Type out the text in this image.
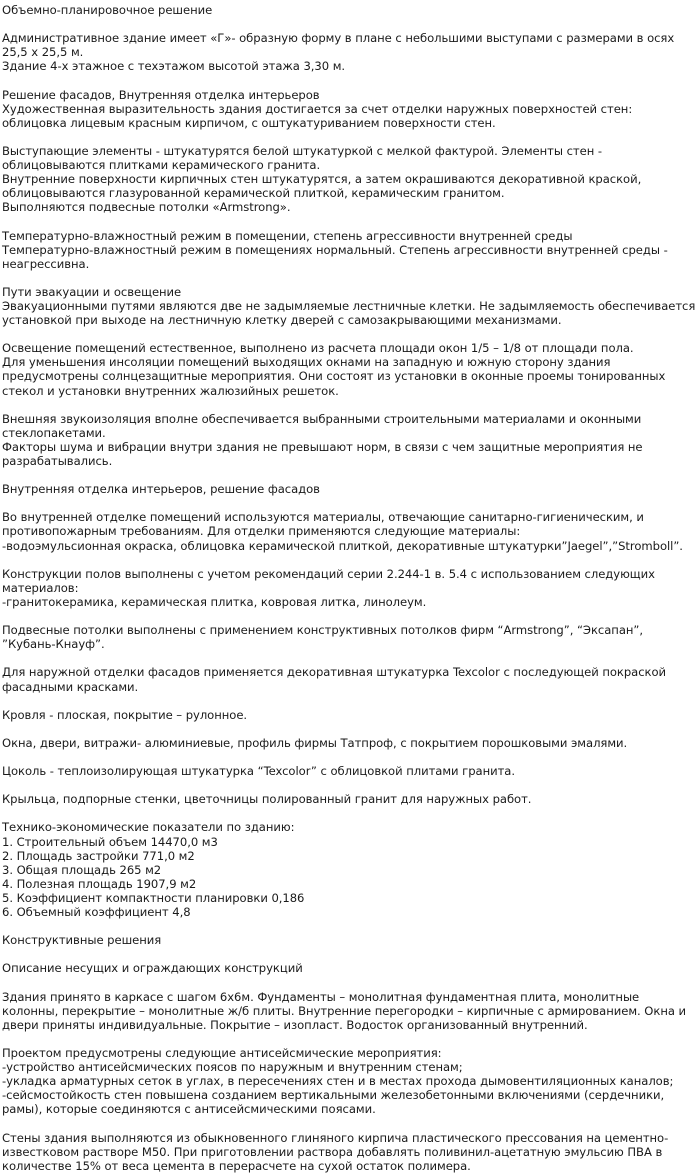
Объемно-планировочное решение
Административное здание имеет «Г»- образную форму в плане с небольшими выступами с размерами в осях 25,5 х 25,5 м.
Здание 4-х этажное с техэтажом высотой этажа 3,30 м.
Решение фасадов, Внутренняя отделка интерьеров
Художественная выразительность здания достигается за счет отделки наружных поверхностей стен: облицовка лицевым красным кирпичом, с оштукатуриванием поверхности стен.
Выступающие элементы - штукатурятся белой штукатуркой с мелкой фактурой. Элементы стен - облицовываются плитками керамического гранита.
Внутренние поверхности кирпичных стен штукатурятся, а затем окрашиваются декоративной краской, облицовываются глазурованной керамической плиткой, керамическим гранитом.
Выполняются подвесные потолки «Armstrong».
Температурно-влажностный режим в помещении, степень агрессивности внутренней среды
Температурно-влажностный режим в помещениях нормальный. Степень агрессивности внутренней среды - неагрессивна.
Пути эвакуации и освещение
Эвакуационными путями являются две не задымляемые лестничные клетки. Не задымляемость обеспечивается установкой при выходе на лестничную клетку дверей с самозакрывающими механизмами.
Освещение помещений естественное, выполнено из расчета площади окон 1/5 – 1/8 от площади пола.
Для уменьшения инсоляции помещений выходящих окнами на западную и южную сторону здания предусмотрены солнцезащитные мероприятия. Они состоят из установки в оконные проемы тонированных стекол и установки внутренних жалюзийных решеток.
Внешняя звукоизоляция вполне обеспечивается выбранными строительными материалами и оконными стеклопакетами.
Факторы шума и вибрации внутри здания не превышают норм, в связи с чем защитные мероприятия не разрабатывались.
Внутренняя отделка интерьеров, решение фасадов
Во внутренней отделке помещений используются материалы, отвечающие санитарно-гигиеническим, и противопожарным требованиям. Для отделки применяются следующие материалы:
-водоэмульсионная окраска, облицовка керамической плиткой, декоративные штукатурки”Jaegel”,”Stromboll”.
Конструкции полов выполнены с учетом рекомендаций серии 2.244-1 в. 5.4 с использованием следующих материалов:
-гранитокерамика, керамическая плитка, ковровая литка, линолеум.
Подвесные потолки выполнены с применением конструктивных потолков фирм “Armstrong”, “Эксапан”, ”Кубань-Кнауф”.
Для наружной отделки фасадов применяется декоративная штукатурка Texcolor с последующей покраской фасадными красками.
Кровля - плоская, покрытие – рулонное.
Окна, двери, витражи- алюминиевые, профиль фирмы Татпроф, с покрытием порошковыми эмалями.
Цоколь - теплоизолирующая штукатурка “Texcolor” с облицовкой плитами гранита.
Крыльца, подпорные стенки, цветочницы полированный гранит для наружных работ.
Технико-экономические показатели по зданию:
1. Строительный объем 14470,0 м3
2. Площадь застройки 771,0 м2
3. Общая площадь 265 м2
4. Полезная площадь 1907,9 м2
5. Коэффициент компактности планировки 0,186
6. Объемный коэффициент 4,8
Конструктивные решения
Описание несущих и ограждающих конструкций
Здания принято в каркасе с шагом 6х6м. Фундаменты – монолитная фундаментная плита, монолитные колонны, перекрытие – монолитные ж/б плиты. Внутренние перегородки – кирпичные с армированием. Окна и двери приняты индивидуальные. Покрытие – изопласт. Водосток организованный внутренний.
Проектом предусмотрены следующие антисейсмические мероприятия:
-устройство антисейсмических поясов по наружным и внутренним стенам;
-укладка арматурных сеток в углах, в пересечениях стен и в местах прохода дымовентиляционных каналов;
-сейсмостойкость стен повышена созданием вертикальными железобетонными включениями (сердечники, рамы), которые соединяются с антисейсмическими поясами.
Стены здания выполняются из обыкновенного глиняного кирпича пластического прессования на цементно-известковом растворе М50. При приготовлении раствора добавлять поливинил-ацетатную эмульсию ПВА в количестве 15% от веса цемента в перерасчете на сухой остаток полимера.
